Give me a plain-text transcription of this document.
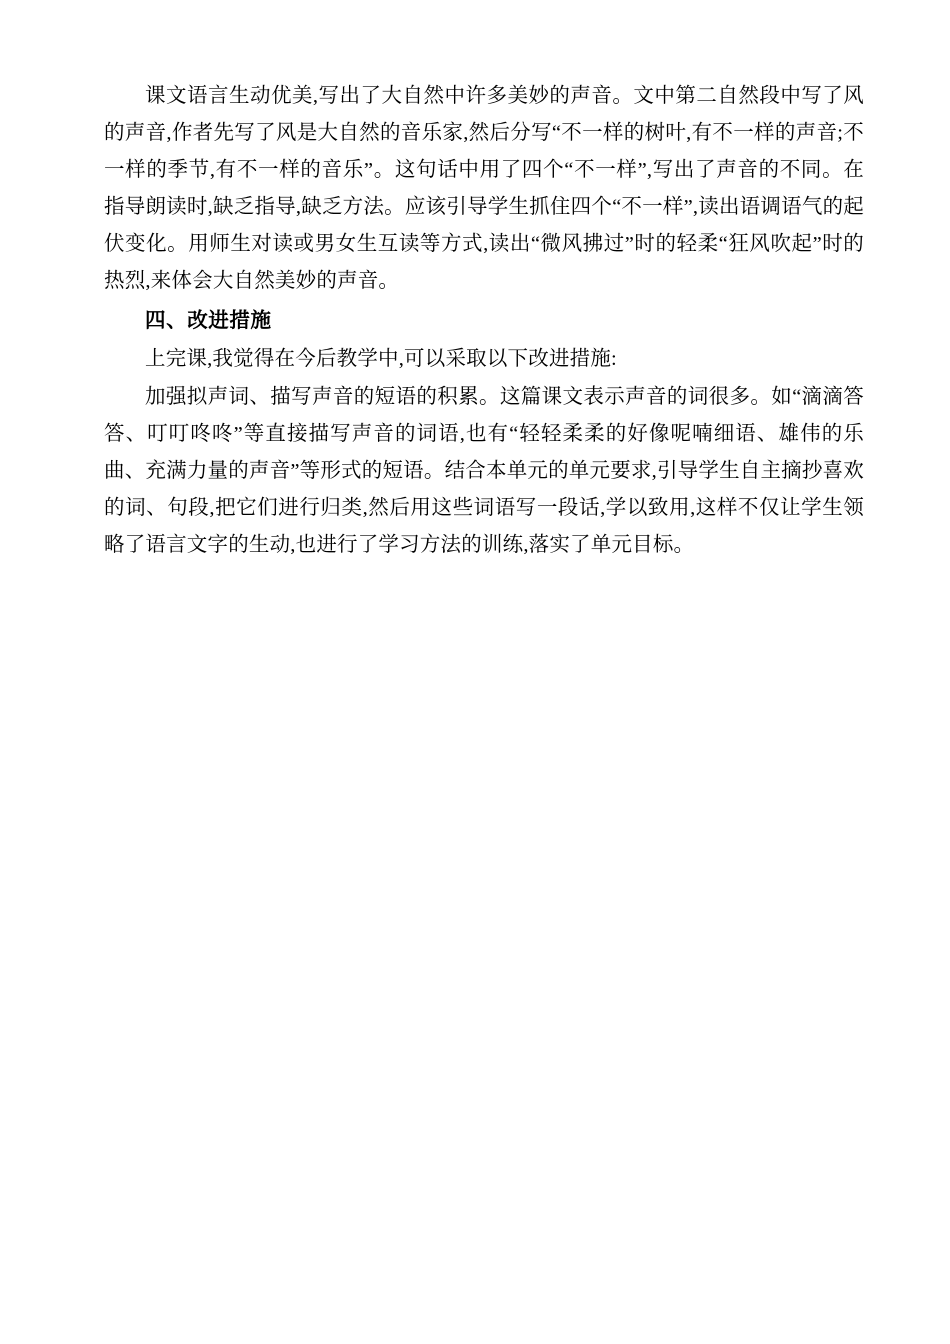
课文语言生动优美,写出了大自然中许多美妙的声音。文中第二自然段中写了风的声音,作者先写了风是大自然的音乐家,然后分写“不一样的树叶,有不一样的声音;不一样的季节,有不一样的音乐”。这句话中用了四个“不一样”,写出了声音的不同。在指导朗读时,缺乏指导,缺乏方法。应该引导学生抓住四个“不一样”,读出语调语气的起伏变化。用师生对读或男女生互读等方式,读出“微风拂过”时的轻柔“狂风吹起”时的热烈,来体会大自然美妙的声音。

四、改进措施

上完课,我觉得在今后教学中,可以采取以下改进措施:

加强拟声词、描写声音的短语的积累。这篇课文表示声音的词很多。如“滴滴答答、叮叮咚咚”等直接描写声音的词语,也有“轻轻柔柔的好像呢喃细语、雄伟的乐曲、充满力量的声音”等形式的短语。结合本单元的单元要求,引导学生自主摘抄喜欢的词、句段,把它们进行归类,然后用这些词语写一段话,学以致用,这样不仅让学生领略了语言文字的生动,也进行了学习方法的训练,落实了单元目标。
